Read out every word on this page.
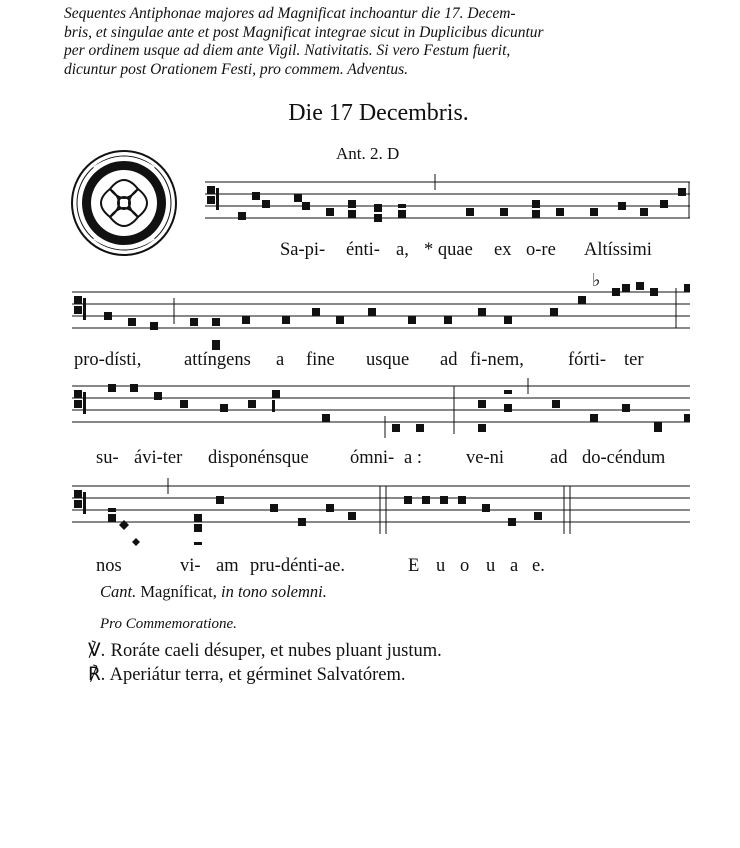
Sequentes Antiphonae majores ad Magnificat inchoantur die 17. Decem-
bris, et singulae ante et post Magnificat integrae sicut in Duplicibus dicuntur
per ordinem usque ad diem ante Vigil. Nativitatis. Si vero Festum fuerit,
dicuntur post Orationem Festi, pro commem. Adventus.
Die 17 Decembris.
Ant. 2. D
♭
Sa-pi- énti- a, * quae ex o-re Altíssimi
pro-dísti, attíngens a fine usque ad fi-nem, fórti- ter
su- ávi-ter disponénsque ómni- a : ve-ni ad do-céndum
nos	vi- am pru-dénti-ae.	E u o u a e.
Cant. Magníficat, in tono solemni.
Pro Commemoratione.
℣. Roráte caeli désuper, et nubes pluant justum.
℟. Aperiátur terra, et gérminet Salvatórem.
